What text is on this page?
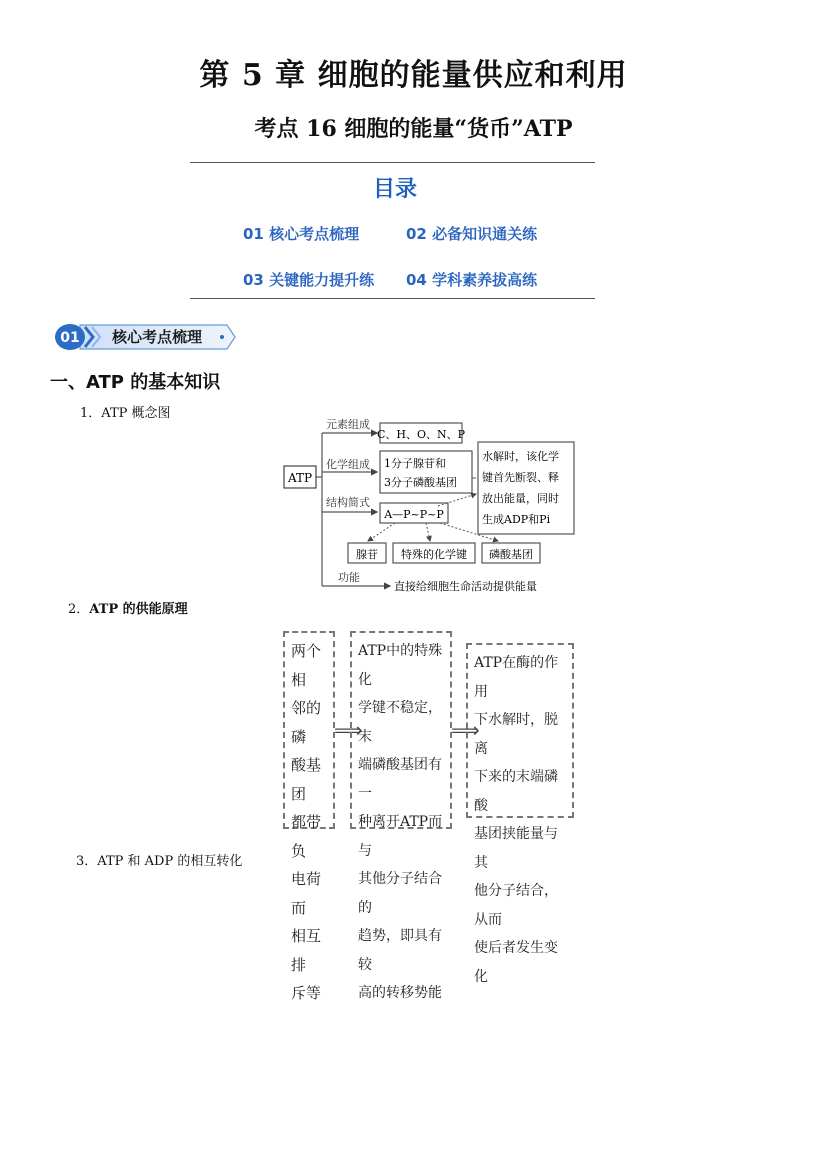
第 5 章 细胞的能量供应和利用
考点 16 细胞的能量“货币”ATP
目录
01 核心考点梳理	02 必备知识通关练
03 关键能力提升练 04 学科素养拔高练
01 核心考点梳理
一、ATP 的基本知识
1．ATP 概念图
ATP
元素组成
化学组成
结构简式
功能
C、H、O、N、P
1分子腺苷和
3分子磷酸基团
A—P~P~P
腺苷 特殊的化学键 磷酸基团
水解时，该化学
键首先断裂、释
放出能量，同时
生成ADP和Pi
直接给细胞生命活动提供能量
2．ATP 的供能原理
两个相
邻的磷
酸基团
都带负
电荷而
相互排
斥等
⟹
ATP中的特殊化
学键不稳定，末
端磷酸基团有一
种离开ATP而与
其他分子结合的
趋势，即具有较
高的转移势能
⟹
ATP在酶的作用
下水解时，脱离
下来的末端磷酸
基团挟能量与其
他分子结合，从而
使后者发生变化
3．ATP 和 ADP 的相互转化
